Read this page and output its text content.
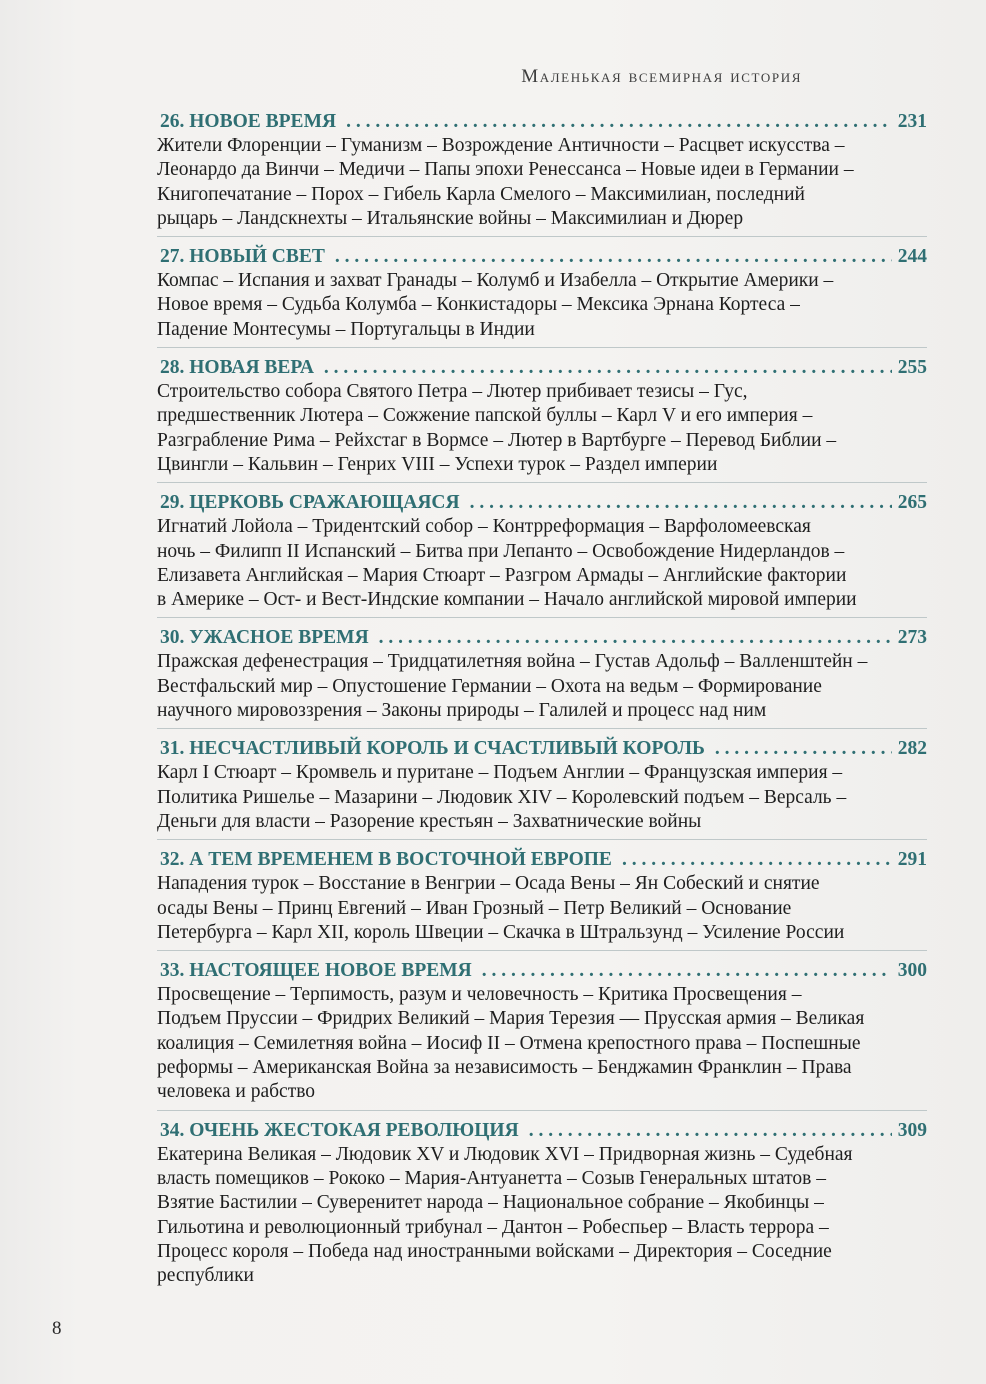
Маленькая всемирная история
26. НОВОЕ ВРЕМЯ . . .	231
Жители Флоренции – Гуманизм – Возрождение Античности – Расцвет искусства –
Леонардо да Винчи – Медичи – Папы эпохи Ренессанса – Новые идеи в Германии –
Книгопечатание – Порох – Гибель Карла Смелого – Максимилиан, последний
рыцарь – Ландскнехты – Итальянские войны – Максимилиан и Дюрер
27. НОВЫЙ СВЕТ . . .	244
Компас – Испания и захват Гранады – Колумб и Изабелла – Открытие Америки –
Новое время – Судьба Колумба – Конкистадоры – Мексика Эрнана Кортеса –
Падение Монтесумы – Португальцы в Индии
28. НОВАЯ ВЕРА . . .	255
Строительство собора Святого Петра – Лютер прибивает тезисы – Гус,
предшественник Лютера – Сожжение папской буллы – Карл V и его империя –
Разграбление Рима – Рейхстаг в Вормсе – Лютер в Вартбурге – Перевод Библии –
Цвингли – Кальвин – Генрих VIII – Успехи турок – Раздел империи
29. ЦЕРКОВЬ СРАЖАЮЩАЯСЯ . . .	265
Игнатий Лойола – Тридентский собор – Контрреформация – Варфоломеевская
ночь – Филипп II Испанский – Битва при Лепанто – Освобождение Нидерландов –
Елизавета Английская – Мария Стюарт – Разгром Армады – Английские фактории
в Америке – Ост- и Вест-Индские компании – Начало английской мировой империи
30. УЖАСНОЕ ВРЕМЯ . . .	273
Пражская дефенестрация – Тридцатилетняя война – Густав Адольф – Валленштейн –
Вестфальский мир – Опустошение Германии – Охота на ведьм – Формирование
научного мировоззрения – Законы природы – Галилей и процесс над ним
31. НЕСЧАСТЛИВЫЙ КОРОЛЬ И СЧАСТЛИВЫЙ КОРОЛЬ . . .	282
Карл I Стюарт – Кромвель и пуритане – Подъем Англии – Французская империя –
Политика Ришелье – Мазарини – Людовик XIV – Королевский подъем – Версаль –
Деньги для власти – Разорение крестьян – Захватнические войны
32. А ТЕМ ВРЕМЕНЕМ В ВОСТОЧНОЙ ЕВРОПЕ . . .	291
Нападения турок – Восстание в Венгрии – Осада Вены – Ян Собеский и снятие
осады Вены – Принц Евгений – Иван Грозный – Петр Великий – Основание
Петербурга – Карл XII, король Швеции – Скачка в Штральзунд – Усиление России
33. НАСТОЯЩЕЕ НОВОЕ ВРЕМЯ . . .	300
Просвещение – Терпимость, разум и человечность – Критика Просвещения –
Подъем Пруссии – Фридрих Великий – Мария Терезия — Прусская армия – Великая
коалиция – Семилетняя война – Иосиф II – Отмена крепостного права – Поспешные
реформы – Американская Война за независимость – Бенджамин Франклин – Права
человека и рабство
34. ОЧЕНЬ ЖЕСТОКАЯ РЕВОЛЮЦИЯ . . .	309
Екатерина Великая – Людовик XV и Людовик XVI – Придворная жизнь – Судебная
власть помещиков – Рококо – Мария-Антуанетта – Созыв Генеральных штатов –
Взятие Бастилии – Суверенитет народа – Национальное собрание – Якобинцы –
Гильотина и революционный трибунал – Дантон – Робеспьер – Власть террора –
Процесс короля – Победа над иностранными войсками – Директория – Соседние
республики
8
